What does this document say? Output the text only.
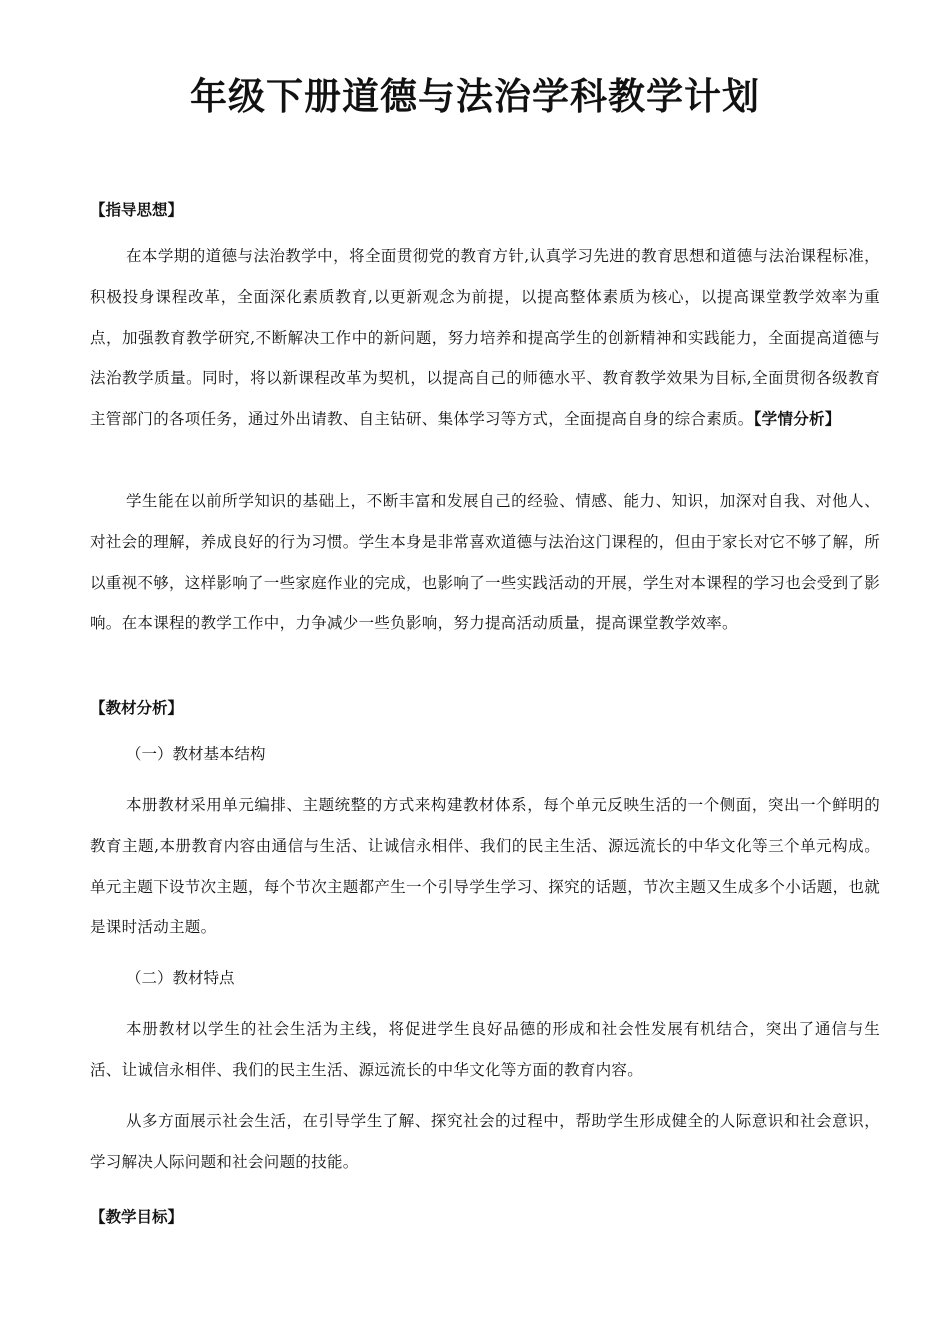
年级下册道德与法治学科教学计划
【指导思想】

在本学期的道德与法治教学中，将全面贯彻党的教育方针,认真学习先进的教育思想和道德与法治课程标准，积极投身课程改革，全面深化素质教育,以更新观念为前提，以提高整体素质为核心，以提高课堂教学效率为重点，加强教育教学研究,不断解决工作中的新问题，努力培养和提高学生的创新精神和实践能力，全面提高道德与法治教学质量。同时，将以新课程改革为契机，以提高自己的师德水平、教育教学效果为目标,全面贯彻各级教育主管部门的各项任务，通过外出请教、自主钻研、集体学习等方式，全面提高自身的综合素质。【学情分析】

学生能在以前所学知识的基础上，不断丰富和发展自己的经验、情感、能力、知识，加深对自我、对他人、对社会的理解，养成良好的行为习惯。学生本身是非常喜欢道德与法治这门课程的，但由于家长对它不够了解，所以重视不够，这样影响了一些家庭作业的完成，也影响了一些实践活动的开展，学生对本课程的学习也会受到了影响。在本课程的教学工作中，力争减少一些负影响，努力提高活动质量，提高课堂教学效率。

【教材分析】
（一）教材基本结构

本册教材采用单元编排、主题统整的方式来构建教材体系，每个单元反映生活的一个侧面，突出一个鲜明的教育主题,本册教育内容由通信与生活、让诚信永相伴、我们的民主生活、源远流长的中华文化等三个单元构成。单元主题下设节次主题，每个节次主题都产生一个引导学生学习、探究的话题，节次主题又生成多个小话题，也就是课时活动主题。

（二）教材特点

本册教材以学生的社会生活为主线，将促进学生良好品德的形成和社会性发展有机结合，突出了通信与生活、让诚信永相伴、我们的民主生活、源远流长的中华文化等方面的教育内容。

从多方面展示社会生活，在引导学生了解、探究社会的过程中，帮助学生形成健全的人际意识和社会意识，学习解决人际问题和社会问题的技能。

【教学目标】
